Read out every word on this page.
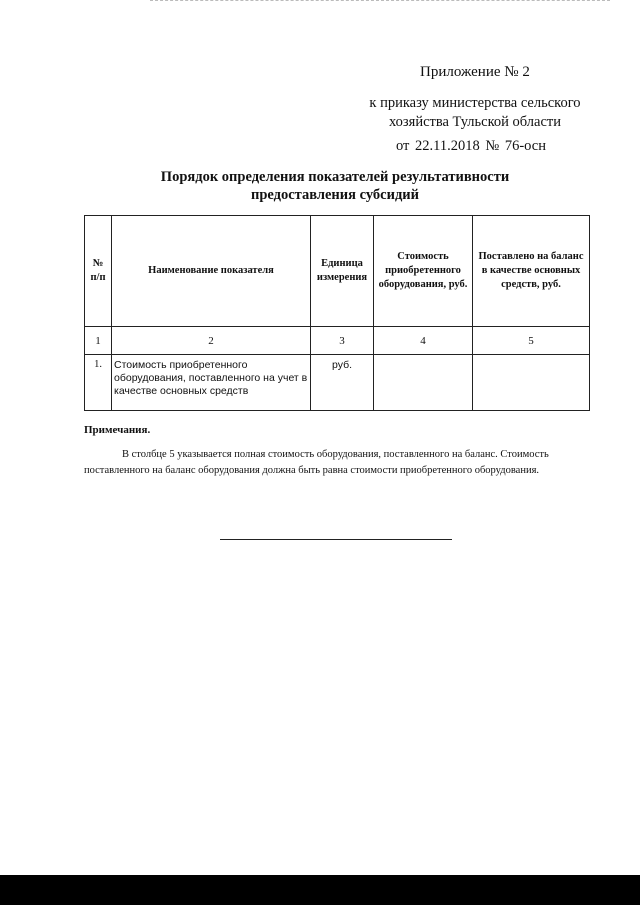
Приложение № 2
к приказу министерства сельского
хозяйства Тульской области
от 22.11.2018 № 76-осн
Порядок определения показателей результативности
предоставления субсидий
№ п/п	Наименование показателя	Единица измерения	Стоимость приобретенного оборудования, руб.	Поставлено на баланс в качестве основных средств, руб.
1	2	3	4	5
1.	Стоимость приобретенного оборудования, поставленного на учет в качестве основных средств	руб.		
Примечания.
В столбце 5 указывается полная стоимость оборудования, поставленного на баланс. Стоимость поставленного на баланс оборудования должна быть равна стоимости приобретенного оборудования.
